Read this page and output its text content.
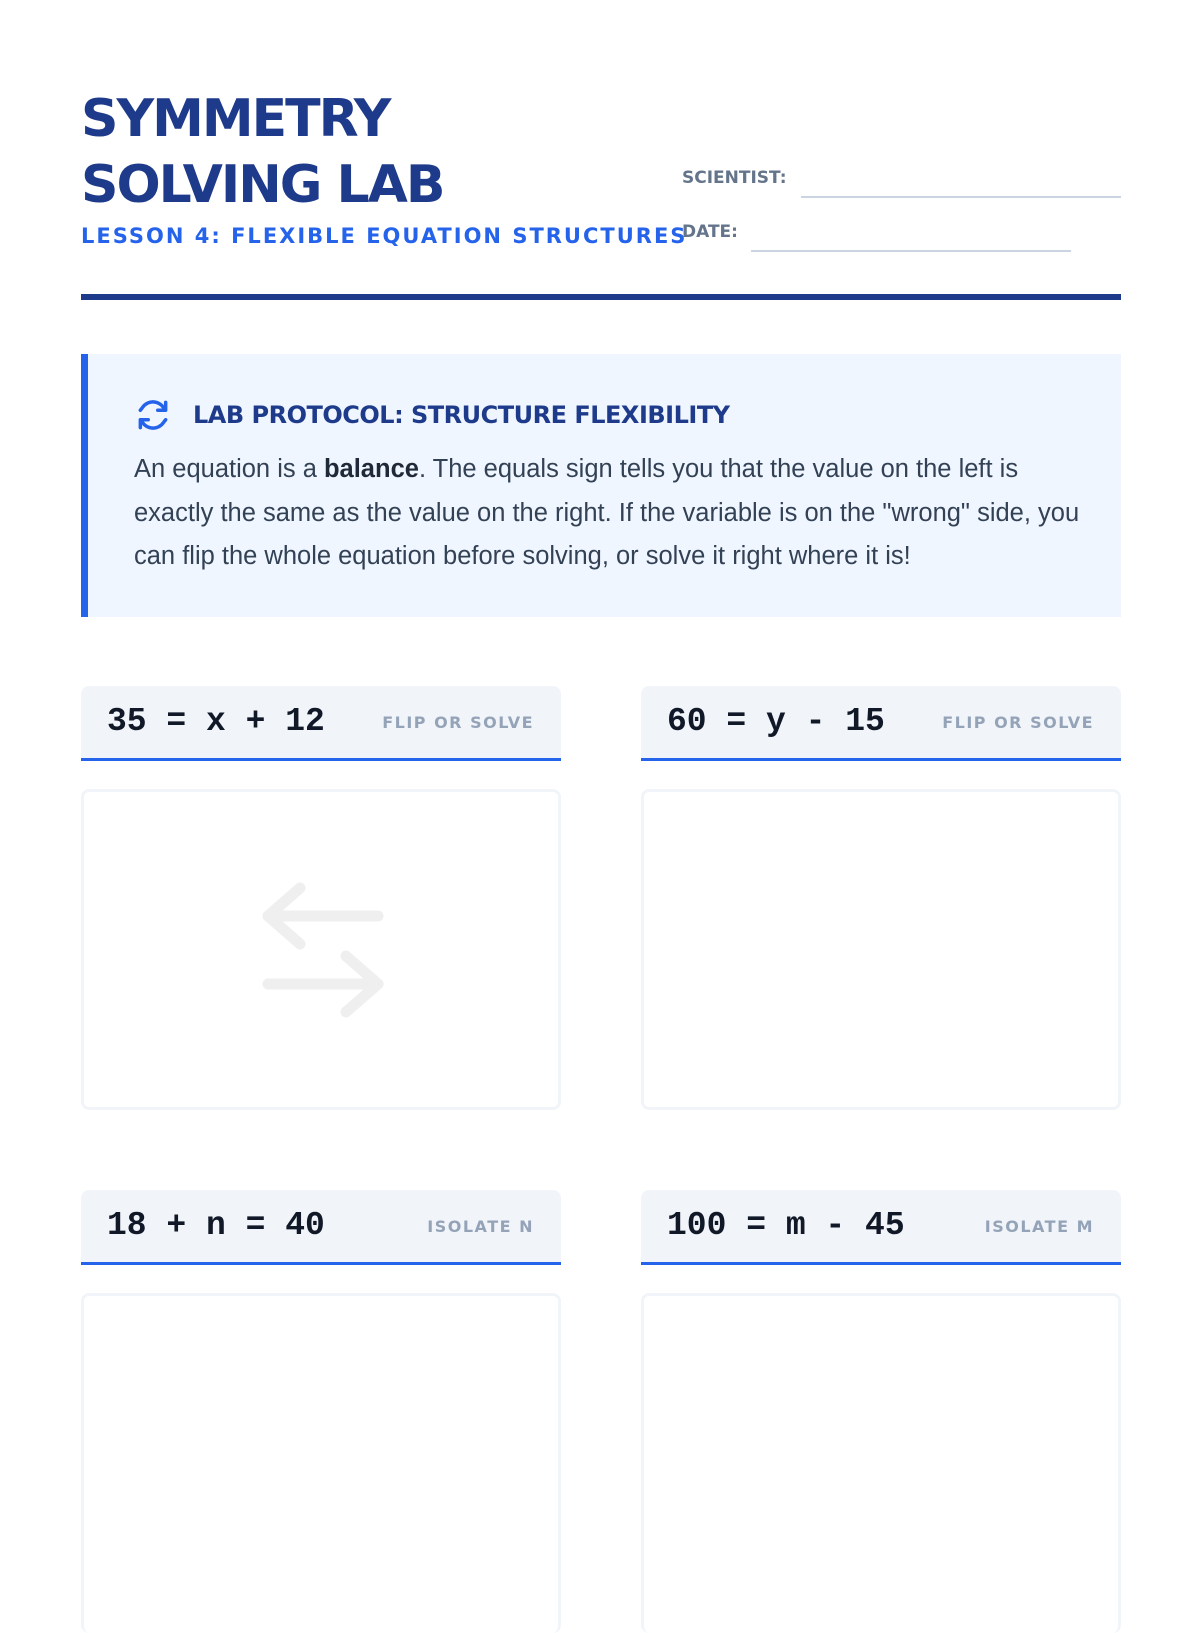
SYMMETRY
SOLVING LAB
LESSON 4: FLEXIBLE EQUATION STRUCTURES
SCIENTIST:
DATE:
LAB PROTOCOL: STRUCTURE FLEXIBILITY
An equation is a balance. The equals sign tells you that the value on the left is exactly the same as the value on the right. If the variable is on the "wrong" side, you can flip the whole equation before solving, or solve it right where it is!
35 = x + 12	FLIP OR SOLVE	60 = y - 15	FLIP OR SOLVE
18 + n = 40	ISOLATE N	100 = m - 45	ISOLATE M
